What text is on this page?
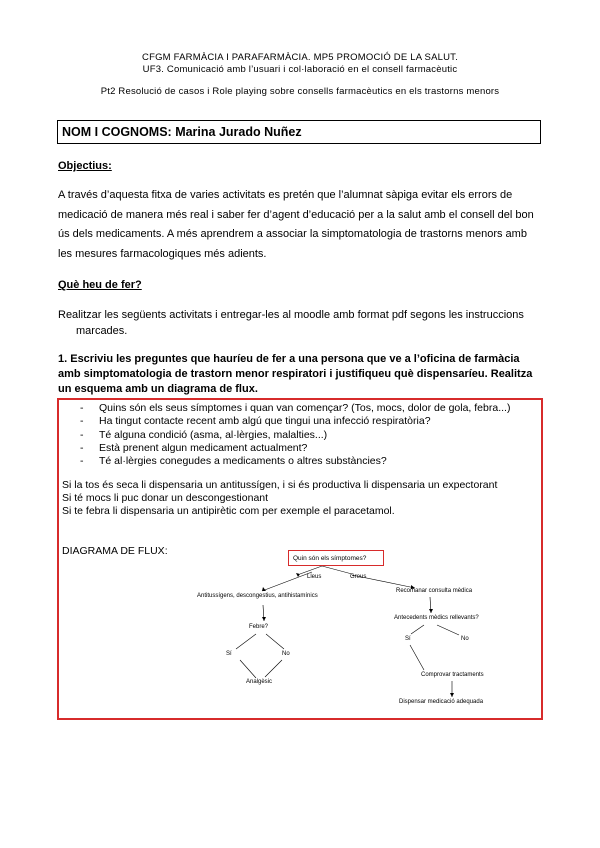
CFGM FARMÀCIA I PARAFARMÀCIA. MP5 PROMOCIÓ DE LA SALUT.
UF3. Comunicació amb l’usuari i col·laboració en el consell farmacèutic
Pt2 Resolució de casos i Role playing sobre consells farmacèutics en els trastorns menors
NOM I COGNOMS: Marina Jurado Nuñez
Objectius:
A través d’aquesta fitxa de varies activitats es pretén que l’alumnat sàpiga evitar els errors de
medicació de manera més real i saber fer d’agent d’educació per a la salut amb el consell del bon
ús dels medicaments. A més aprendrem a associar la simptomatologia de trastorns menors amb
les mesures farmacologiques més adients.
Què heu de fer?
Realitzar les següents activitats i entregar-les al moodle amb format pdf segons les instruccions
marcades.
1. Escriviu les preguntes que hauríeu de fer a una persona que ve a l’oficina de farmàcia
amb simptomatologia de trastorn menor respiratori i justifiqueu què dispensaríeu. Realitza
un esquema amb un diagrama de flux.
- Quins són els seus símptomes i quan van començar? (Tos, mocs, dolor de gola, febra...)
- Ha tingut contacte recent amb algú que tingui una infecció respiratòria?
- Té alguna condició (asma, al·lèrgies, malalties...)
- Està prenent algun medicament actualment?
- Té al·lèrgies conegudes a medicaments o altres substàncies?
Si la tos és seca li dispensaria un antitussígen, i si és productiva li dispensaria un expectorant
Si té mocs li puc donar un descongestionant
Si te febra li dispensaria un antipirètic com per exemple el paracetamol.
DIAGRAMA DE FLUX:
Quin són els símptomes?
Lleus	Greus
Antitussígens, descongestius, antihistamínics
Febre?
Sí	No
Analgèsic
Recomanar consulta mèdica
Antecedents mèdics rellevants?
Sí	No
Comprovar tractaments
Dispensar medicació adequada
